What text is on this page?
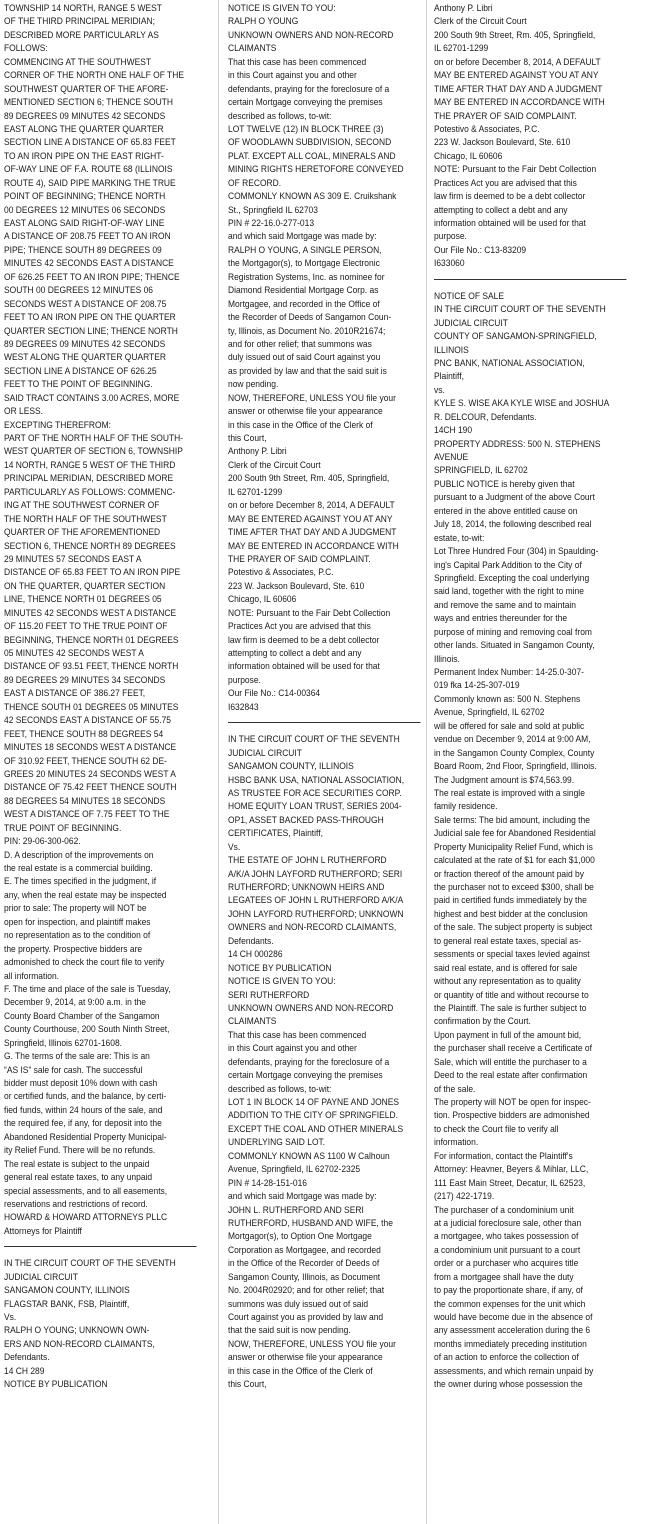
TOWNSHIP 14 NORTH, RANGE 5 WEST
OF THE THIRD PRINCIPAL MERIDIAN;
DESCRIBED MORE PARTICULARLY AS
FOLLOWS:
COMMENCING AT THE SOUTHWEST
CORNER OF THE NORTH ONE HALF OF THE
SOUTHWEST QUARTER OF THE AFORE-
MENTIONED SECTION 6; THENCE SOUTH
89 DEGREES 09 MINUTES 42 SECONDS
EAST ALONG THE QUARTER QUARTER
SECTION LINE A DISTANCE OF 65.83 FEET
TO AN IRON PIPE ON THE EAST RIGHT-
OF-WAY LINE OF F.A. ROUTE 68 (ILLINOIS
ROUTE 4), SAID PIPE MARKING THE TRUE
POINT OF BEGINNING; THENCE NORTH
00 DEGREES 12 MINUTES 06 SECONDS
EAST ALONG SAID RIGHT-OF-WAY LINE
A DISTANCE OF 208.75 FEET TO AN IRON
PIPE; THENCE SOUTH 89 DEGREES 09
MINUTES 42 SECONDS EAST A DISTANCE
OF 626.25 FEET TO AN IRON PIPE; THENCE
SOUTH 00 DEGREES 12 MINUTES 06
SECONDS WEST A DISTANCE OF 208.75
FEET TO AN IRON PIPE ON THE QUARTER
QUARTER SECTION LINE; THENCE NORTH
89 DEGREES 09 MINUTES 42 SECONDS
WEST ALONG THE QUARTER QUARTER
SECTION LINE A DISTANCE OF 626.25
FEET TO THE POINT OF BEGINNING.
SAID TRACT CONTAINS 3.00 ACRES, MORE
OR LESS.
EXCEPTING THEREFROM:
PART OF THE NORTH HALF OF THE SOUTH-
WEST QUARTER OF SECTION 6, TOWNSHIP
14 NORTH, RANGE 5 WEST OF THE THIRD
PRINCIPAL MERIDIAN, DESCRIBED MORE
PARTICULARLY AS FOLLOWS: COMMENC-
ING AT THE SOUTHWEST CORNER OF
THE NORTH HALF OF THE SOUTHWEST
QUARTER OF THE AFOREMENTIONED
SECTION 6, THENCE NORTH 89 DEGREES
29 MINUTES 57 SECONDS EAST A
DISTANCE OF 65.83 FEET TO AN IRON PIPE
ON THE QUARTER, QUARTER SECTION
LINE, THENCE NORTH 01 DEGREES 05
MINUTES 42 SECONDS WEST A DISTANCE
OF 115.20 FEET TO THE TRUE POINT OF
BEGINNING, THENCE NORTH 01 DEGREES
05 MINUTES 42 SECONDS WEST A
DISTANCE OF 93.51 FEET, THENCE NORTH
89 DEGREES 29 MINUTES 34 SECONDS
EAST A DISTANCE OF 386.27 FEET,
THENCE SOUTH 01 DEGREES 05 MINUTES
42 SECONDS EAST A DISTANCE OF 55.75
FEET, THENCE SOUTH 88 DEGREES 54
MINUTES 18 SECONDS WEST A DISTANCE
OF 310.92 FEET, THENCE SOUTH 62 DE-
GREES 20 MINUTES 24 SECONDS WEST A
DISTANCE OF 75.42 FEET THENCE SOUTH
88 DEGREES 54 MINUTES 18 SECONDS
WEST A DISTANCE OF 7.75 FEET TO THE
TRUE POINT OF BEGINNING.
PIN: 29-06-300-062.
D. A description of the improvements on
the real estate is a commercial building.
E. The times specified in the judgment, if
any, when the real estate may be inspected
prior to sale: The property will NOT be
open for inspection, and plaintiff makes
no representation as to the condition of
the property. Prospective bidders are
admonished to check the court file to verify
all information.
F. The time and place of the sale is Tuesday,
December 9, 2014, at 9:00 a.m. in the
County Board Chamber of the Sangamon
County Courthouse, 200 South Ninth Street,
Springfield, Illinois 62701-1608.
G. The terms of the sale are: This is an
“AS IS” sale for cash. The successful
bidder must deposit 10% down with cash
or certified funds, and the balance, by certi-
fied funds, within 24 hours of the sale, and
the required fee, if any, for deposit into the
Abandoned Residential Property Municipal-
ity Relief Fund. There will be no refunds.
The real estate is subject to the unpaid
general real estate taxes, to any unpaid
special assessments, and to all easements,
reservations and restrictions of record.
HOWARD & HOWARD ATTORNEYS PLLC
Attorneys for Plaintiff
IN THE CIRCUIT COURT OF THE SEVENTH
JUDICIAL CIRCUIT
SANGAMON COUNTY, ILLINOIS
FLAGSTAR BANK, FSB, Plaintiff,
Vs.
RALPH O YOUNG; UNKNOWN OWN-
ERS AND NON-RECORD CLAIMANTS,
Defendants.
14 CH 289
NOTICE BY PUBLICATION
NOTICE IS GIVEN TO YOU:
RALPH O YOUNG
UNKNOWN OWNERS AND NON-RECORD
CLAIMANTS
That this case has been commenced
in this Court against you and other
defendants, praying for the foreclosure of a
certain Mortgage conveying the premises
described as follows, to-wit:
LOT TWELVE (12) IN BLOCK THREE (3)
OF WOODLAWN SUBDIVISION, SECOND
PLAT. EXCEPT ALL COAL, MINERALS AND
MINING RIGHTS HERETOFORE CONVEYED
OF RECORD.
COMMONLY KNOWN AS 309 E. Cruikshank
St., Springfield IL 62703
PIN # 22-16.0-277-013
and which said Mortgage was made by:
RALPH O YOUNG, A SINGLE PERSON,
the Mortgagor(s), to Mortgage Electronic
Registration Systems, Inc. as nominee for
Diamond Residential Mortgage Corp. as
Mortgagee, and recorded in the Office of
the Recorder of Deeds of Sangamon Coun-
ty, Illinois, as Document No. 2010R21674;
and for other relief; that summons was
duly issued out of said Court against you
as provided by law and that the said suit is
now pending.
NOW, THEREFORE, UNLESS YOU file your
answer or otherwise file your appearance
in this case in the Office of the Clerk of
this Court,
Anthony P. Libri
Clerk of the Circuit Court
200 South 9th Street, Rm. 405, Springfield,
IL 62701-1299
on or before December 8, 2014, A DEFAULT
MAY BE ENTERED AGAINST YOU AT ANY
TIME AFTER THAT DAY AND A JUDGMENT
MAY BE ENTERED IN ACCORDANCE WITH
THE PRAYER OF SAID COMPLAINT.
Potestivo & Associates, P.C.
223 W. Jackson Boulevard, Ste. 610
Chicago, IL 60606
NOTE: Pursuant to the Fair Debt Collection
Practices Act you are advised that this
law firm is deemed to be a debt collector
attempting to collect a debt and any
information obtained will be used for that
purpose.
Our File No.: C14-00364
I632843
IN THE CIRCUIT COURT OF THE SEVENTH
JUDICIAL CIRCUIT
SANGAMON COUNTY, ILLINOIS
HSBC BANK USA, NATIONAL ASSOCIATION,
AS TRUSTEE FOR ACE SECURITIES CORP.
HOME EQUITY LOAN TRUST, SERIES 2004-
OP1, ASSET BACKED PASS-THROUGH
CERTIFICATES, Plaintiff,
Vs.
THE ESTATE OF JOHN L RUTHERFORD
A/K/A JOHN LAYFORD RUTHERFORD; SERI
RUTHERFORD; UNKNOWN HEIRS AND
LEGATEES OF JOHN L RUTHERFORD A/K/A
JOHN LAYFORD RUTHERFORD; UNKNOWN
OWNERS and NON-RECORD CLAIMANTS,
Defendants.
14 CH 000286
NOTICE BY PUBLICATION
NOTICE IS GIVEN TO YOU:
SERI RUTHERFORD
UNKNOWN OWNERS AND NON-RECORD
CLAIMANTS
That this case has been commenced
in this Court against you and other
defendants, praying for the foreclosure of a
certain Mortgage conveying the premises
described as follows, to-wit:
LOT 1 IN BLOCK 14 OF PAYNE AND JONES
ADDITION TO THE CITY OF SPRINGFIELD.
EXCEPT THE COAL AND OTHER MINERALS
UNDERLYING SAID LOT.
COMMONLY KNOWN AS 1100 W Calhoun
Avenue, Springfield, IL 62702-2325
PIN # 14-28-151-016
and which said Mortgage was made by:
JOHN L. RUTHERFORD AND SERI
RUTHERFORD, HUSBAND AND WIFE, the
Mortgagor(s), to Option One Mortgage
Corporation as Mortgagee, and recorded
in the Office of the Recorder of Deeds of
Sangamon County, Illinois, as Document
No. 2004R02920; and for other relief; that
summons was duly issued out of said
Court against you as provided by law and
that the said suit is now pending.
NOW, THEREFORE, UNLESS YOU file your
answer or otherwise file your appearance
in this case in the Office of the Clerk of
this Court,
Anthony P. Libri
Clerk of the Circuit Court
200 South 9th Street, Rm. 405, Springfield,
IL 62701-1299
on or before December 8, 2014, A DEFAULT
MAY BE ENTERED AGAINST YOU AT ANY
TIME AFTER THAT DAY AND A JUDGMENT
MAY BE ENTERED IN ACCORDANCE WITH
THE PRAYER OF SAID COMPLAINT.
Potestivo & Associates, P.C.
223 W. Jackson Boulevard, Ste. 610
Chicago, IL 60606
NOTE: Pursuant to the Fair Debt Collection
Practices Act you are advised that this
law firm is deemed to be a debt collector
attempting to collect a debt and any
information obtained will be used for that
purpose.
Our File No.: C13-83209
I633060
NOTICE OF SALE
IN THE CIRCUIT COURT OF THE SEVENTH
JUDICIAL CIRCUIT
COUNTY OF SANGAMON-SPRINGFIELD,
ILLINOIS
PNC BANK, NATIONAL ASSOCIATION,
Plaintiff,
vs.
KYLE S. WISE AKA KYLE WISE and JOSHUA
R. DELCOUR, Defendants.
14CH 190
PROPERTY ADDRESS: 500 N. STEPHENS
AVENUE
SPRINGFIELD, IL 62702
PUBLIC NOTICE is hereby given that
pursuant to a Judgment of the above Court
entered in the above entitled cause on
July 18, 2014, the following described real
estate, to-wit:
Lot Three Hundred Four (304) in Spaulding-
ing's Capital Park Addition to the City of
Springfield. Excepting the coal underlying
said land, together with the right to mine
and remove the same and to maintain
ways and entries thereunder for the
purpose of mining and removing coal from
other lands. Situated in Sangamon County,
Illinois.
Permanent Index Number: 14-25.0-307-
019 fka 14-25-307-019
Commonly known as: 500 N. Stephens
Avenue, Springfield, IL 62702
will be offered for sale and sold at public
vendue on December 9, 2014 at 9:00 AM,
in the Sangamon County Complex, County
Board Room, 2nd Floor, Springfield, Illinois.
The Judgment amount is $74,563.99.
The real estate is improved with a single
family residence.
Sale terms: The bid amount, including the
Judicial sale fee for Abandoned Residential
Property Municipality Relief Fund, which is
calculated at the rate of $1 for each $1,000
or fraction thereof of the amount paid by
the purchaser not to exceed $300, shall be
paid in certified funds immediately by the
highest and best bidder at the conclusion
of the sale. The subject property is subject
to general real estate taxes, special as-
sessments or special taxes levied against
said real estate, and is offered for sale
without any representation as to quality
or quantity of title and without recourse to
the Plaintiff. The sale is further subject to
confirmation by the Court.
Upon payment in full of the amount bid,
the purchaser shall receive a Certificate of
Sale, which will entitle the purchaser to a
Deed to the real estate after confirmation
of the sale.
The property will NOT be open for inspec-
tion. Prospective bidders are admonished
to check the Court file to verify all
information.
For information, contact the Plaintiff's
Attorney: Heavner, Beyers & Mihlar, LLC,
111 East Main Street, Decatur, IL 62523,
(217) 422-1719.
The purchaser of a condominium unit
at a judicial foreclosure sale, other than
a mortgagee, who takes possession of
a condominium unit pursuant to a court
order or a purchaser who acquires title
from a mortgagee shall have the duty
to pay the proportionate share, if any, of
the common expenses for the unit which
would have become due in the absence of
any assessment acceleration during the 6
months immediately preceding institution
of an action to enforce the collection of
assessments, and which remain unpaid by
the owner during whose possession the
